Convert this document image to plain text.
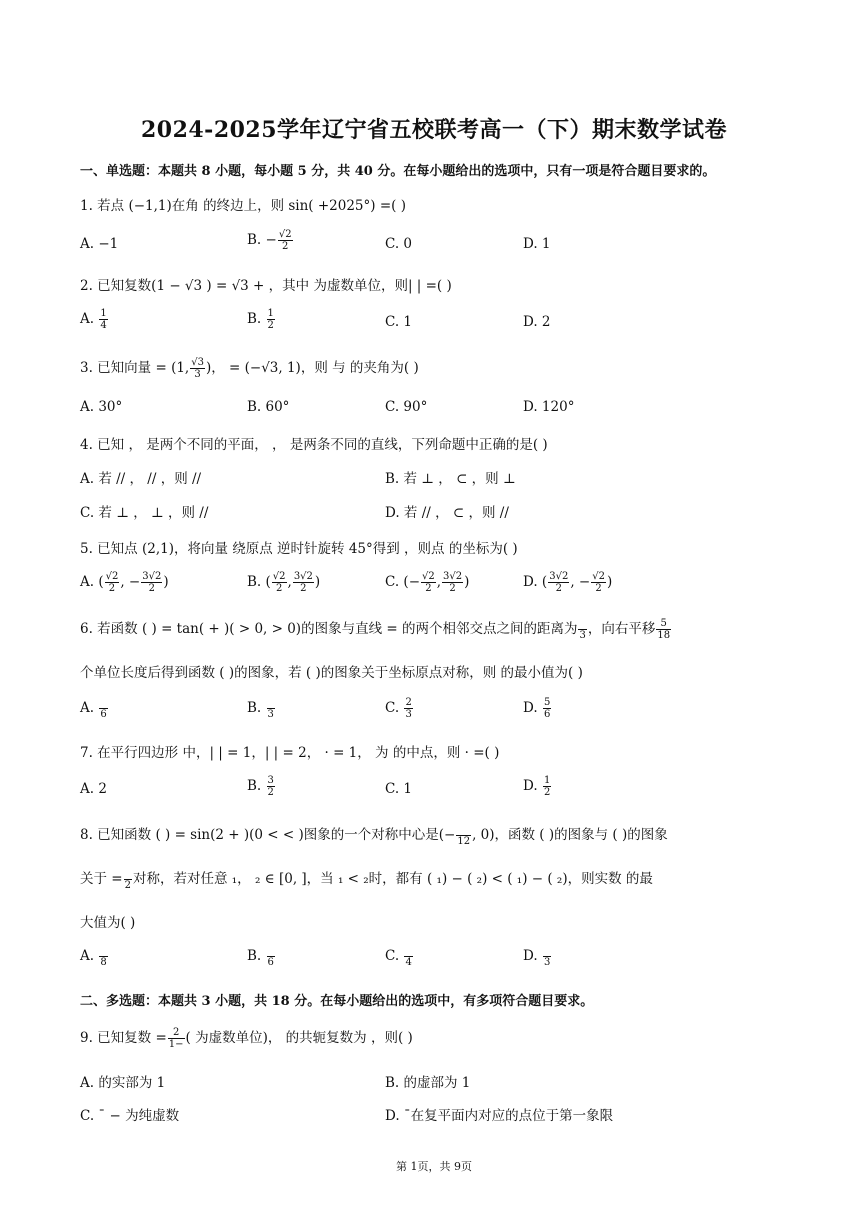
2024-2025学年辽宁省五校联考高一（下）期末数学试卷
一、单选题：本题共 8 小题，每小题 5 分，共 40 分。在每小题给出的选项中，只有一项是符合题目要求的。
1. 若点 (−1,1)在角 的终边上，则 sin( +2025°) =( )
A. −1	B. − $\frac{√2}{2}$	C. 0	D. 1
2. 已知复数(1 − √3 ) = √3 + ，其中 为虚数单位，则| | =( )
A. $\frac{1}{4}$	B. $\frac{1}{2}$	C. 1	D. 2
3. 已知向量 = (1, $\frac{√3}{3}$ )， = (−√3, 1)，则 与 的夹角为( )
A. 30°	B. 60°	C. 90°	D. 120°
4. 已知 ， 是两个不同的平面， ， 是两条不同的直线，下列命题中正确的是( )
A. 若 // ， // ，则 //	B. 若 ⊥ ， ⊂ ，则 ⊥
C. 若 ⊥ ， ⊥ ，则 //	D. 若 // ， ⊂ ，则 //
5. 已知点 (2,1)，将向量 绕原点 逆时针旋转 45°得到 ，则点 的坐标为( )
A. ( $\frac{√2}{2}$ , − $\frac{3√2}{2}$ )	B. ( $\frac{√2}{2}$ , $\frac{3√2}{2}$ )	C. (− $\frac{√2}{2}$ , $\frac{3√2}{2}$ )	D. ( $\frac{3√2}{2}$ , − $\frac{√2}{2}$ )
6. 若函数 ( ) = tan( + )( > 0, > 0)的图象与直线 = 的两个相邻交点之间的距离为 3 ，向右平移 $\frac{5}{18}$
个单位长度后得到函数 ( )的图象，若 ( )的图象关于坐标原点对称，则 的最小值为( )
A. 6	B. 3	C. $\frac{2}{3}$	D. $\frac{5}{6}$
7. 在平行四边形 中，| | = 1，| | = 2， · = 1， 为 的中点，则 · =( )
A. 2	B. $\frac{3}{2}$	C. 1	D. $\frac{1}{2}$
8. 已知函数 ( ) = sin(2 + )(0 < < )图象的一个对称中心是(− 12 , 0)，函数 ( )的图象与 ( )的图象
关于 = 2 对称，若对任意 ₁， ₂ ∈ [0, ]，当 ₁ < ₂时，都有 ( ₁) − ( ₂) < ( ₁) − ( ₂)，则实数 的最
大值为( )
A. 8	B. 6	C. 4	D. 3
二、多选题：本题共 3 小题，共 18 分。在每小题给出的选项中，有多项符合题目要求。
9. 已知复数 = $\frac{2}{1-}$ ( 为虚数单位)， 的共轭复数为 ，则( )
A. 的实部为 1	B. 的虚部为 1
C. ¯ − 为纯虚数	D. ¯在复平面内对应的点位于第一象限
第 1页，共 9页
